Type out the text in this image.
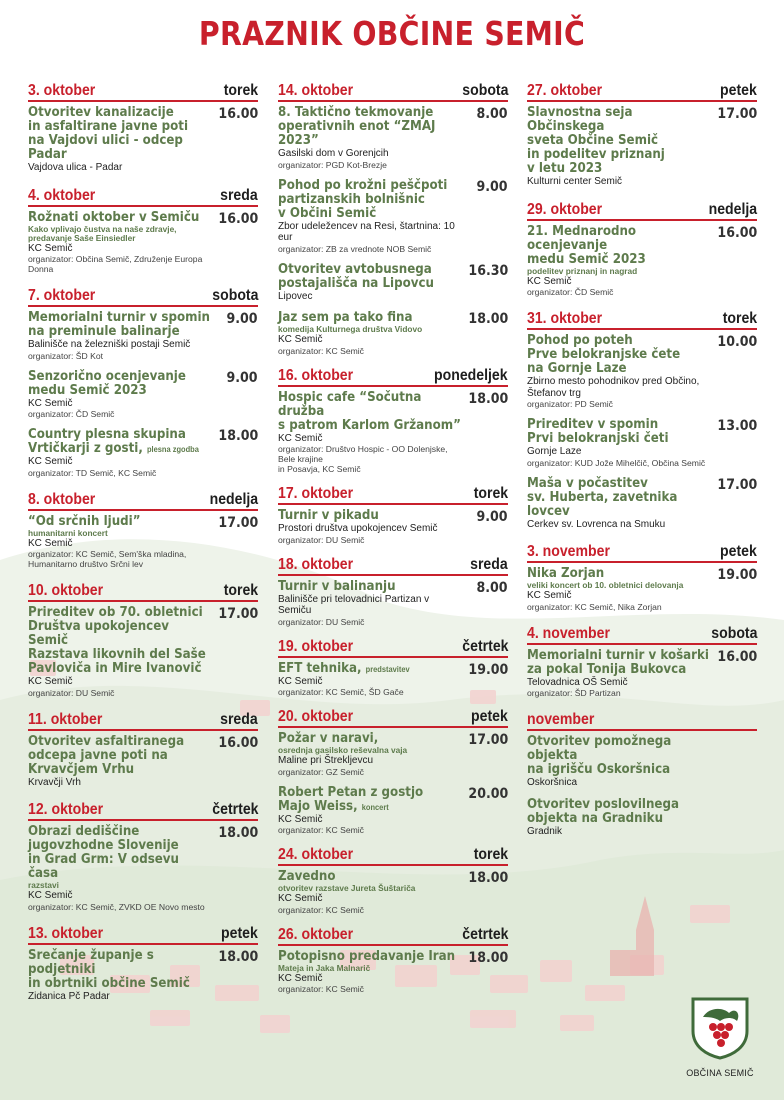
PRAZNIK OBČINE SEMIČ
3. oktober	torek
Otvoritev kanalizacije
in asfaltirane javne poti
na Vajdovi ulici - odcep
Padar
16.00
Vajdova ulica - Padar
4. oktober	sreda
Rožnati oktober v Semiču	16.00
Kako vplivajo čustva na naše zdravje,
predavanje Saše Einsiedler
KC Semič
organizator: Občina Semič, Združenje Europa Donna
7. oktober	sobota
Memorialni turnir v spomin
na preminule balinarje
9.00
Balinišče na železniški postaji Semič
organizator: ŠD Kot
Senzorično ocenjevanje
medu Semič 2023
9.00
KC Semič
organizator: ČD Semič
Country plesna skupina
Vrtičkarji z gosti, plesna zgodba
18.00
KC Semič
organizator: TD Semič, KC Semič
8. oktober	nedelja
“Od srčnih ljudi”	17.00
humanitarni koncert
KC Semič
organizator: KC Semič, Sem'ška mladina,
Humanitarno društvo Srčni lev
10. oktober	torek
Prireditev ob 70. obletnici
Društva upokojencev Semič
Razstava likovnih del Saše
Pavloviča in Mire Ivanovič
17.00
KC Semič
organizator: DU Semič
11. oktober	sreda
Otvoritev asfaltiranega
odcepa javne poti na
Krvavčjem Vrhu
16.00
Krvavčji Vrh
12. oktober	četrtek
Obrazi dediščine
jugovzhodne Slovenije
in Grad Grm: V odsevu časa
18.00
razstavi
KC Semič
organizator: KC Semič, ZVKD OE Novo mesto
13. oktober	petek
Srečanje županje s podjetniki
in obrtniki občine Semič
18.00
Zidanica Pč Padar
14. oktober	sobota
8. Taktično tekmovanje
operativnih enot “ZMAJ 2023”
8.00
Gasilski dom v Gorenjcih
organizator: PGD Kot-Brezje
Pohod po krožni peščpoti
partizanskih bolnišnic
v Občini Semič
9.00
Zbor udeležencev na Resi, štartnina: 10 eur
organizator: ZB za vrednote NOB Semič
Otvoritev avtobusnega
postajališča na Lipovcu
16.30
Lipovec
Jaz sem pa tako fina	18.00
komedija Kulturnega društva Vidovo
KC Semič
organizator: KC Semič
16. oktober	ponedeljek
Hospic cafe “Sočutna družba
s patrom Karlom Gržanom”
18.00
KC Semič
organizator: Društvo Hospic - OO Dolenjske, Bele krajine
in Posavja, KC Semič
17. oktober	torek
Turnir v pikadu	9.00
Prostori društva upokojencev Semič
organizator: DU Semič
18. oktober	sreda
Turnir v balinanju	8.00
Balinišče pri telovadnici Partizan v Semiču
organizator: DU Semič
19. oktober	četrtek
EFT tehnika, predstavitev	19.00
KC Semič
organizator: KC Semič, ŠD Gače
20. oktober	petek
Požar v naravi,	17.00
osrednja gasilsko reševalna vaja
Maline pri Štrekljevcu
organizator: GZ Semič
Robert Petan z gostjo
Majo Weiss, koncert
20.00
KC Semič
organizator: KC Semič
24. oktober	torek
Zavedno	18.00
otvoritev razstave Jureta Šuštariča
KC Semič
organizator: KC Semič
26. oktober	četrtek
Potopisno predavanje Iran 18.00
Mateja in Jaka Malnarič
KC Semič
organizator: KC Semič
27. oktober	petek
Slavnostna seja Občinskega
sveta Občine Semič
in podelitev priznanj
v letu 2023
17.00
Kulturni center Semič
29. oktober	nedelja
21. Mednarodno ocenjevanje
medu Semič 2023
16.00
podelitev priznanj in nagrad
KC Semič
organizator: ČD Semič
31. oktober	torek
Pohod po poteh
Prve belokranjske čete
na Gornje Laze
10.00
Zbirno mesto pohodnikov pred Občino,
Štefanov trg
organizator: PD Semič
Prireditev v spomin
Prvi belokranjski četi
13.00
Gornje Laze
organizator: KUD Jože Mihelčič, Občina Semič
Maša v počastitev
sv. Huberta, zavetnika lovcev
17.00
Cerkev sv. Lovrenca na Smuku
3. november	petek
Nika Zorjan	19.00
veliki koncert ob 10. obletnici delovanja
KC Semič
organizator: KC Semič, Nika Zorjan
4. november	sobota
Memorialni turnir v košarki
za pokal Tonija Bukovca
16.00
Telovadnica OŠ Semič
organizator: ŠD Partizan
november
Otvoritev pomožnega objekta
na igrišču Oskoršnica
Oskoršnica
Otvoritev poslovilnega
objekta na Gradniku
Gradnik
OBČINA SEMIČ
